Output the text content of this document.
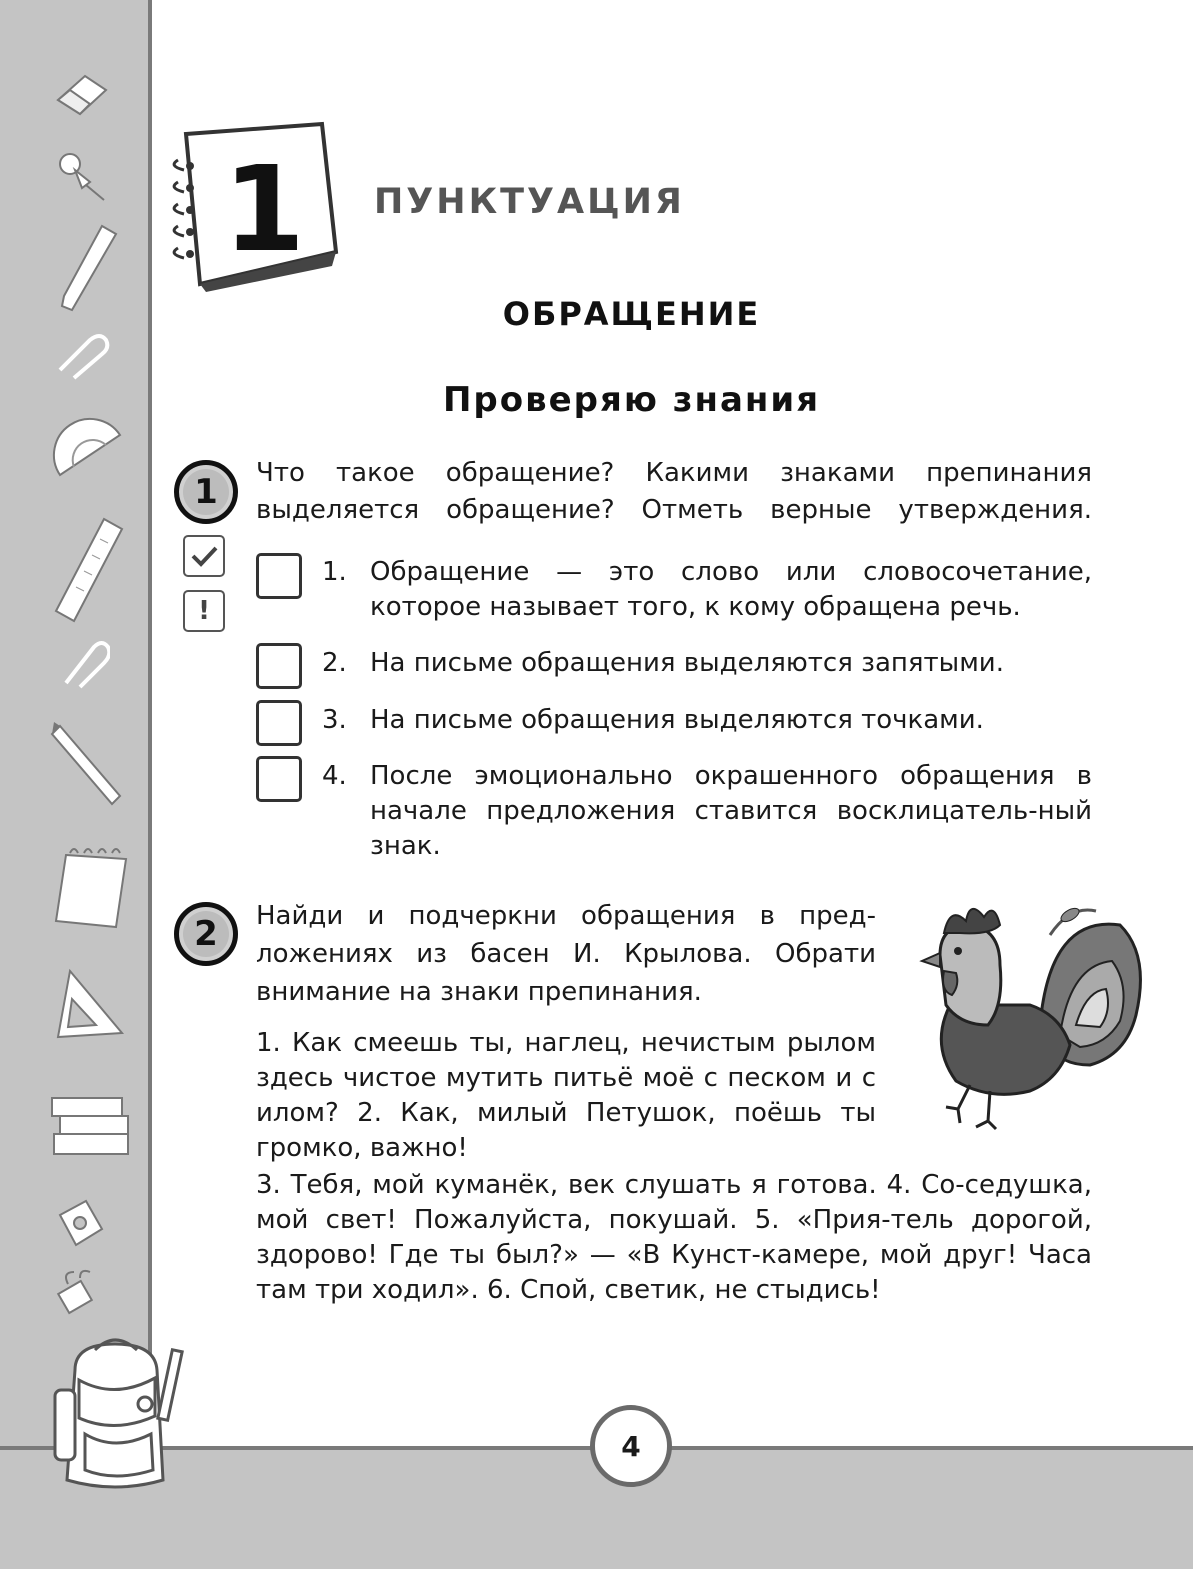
1 ПУНКТУАЦИЯ
ОБРАЩЕНИЕ
Проверяю знания
1	Что такое обращение? Какими знаками препинания
выделяется обращение? Отметь верные утверждения.
!
1. Обращение — это слово или словосочетание, которое называет того, к кому обращена речь.
2. На письме обращения выделяются запятыми.
3. На письме обращения выделяются точками.
4. После эмоционально окрашенного обращения в начале предложения ставится восклицатель-ный знак.
2	Найди и подчеркни обращения в пред-ложениях из басен И. Крылова. Обрати внимание на знаки препинания.
1. Как смеешь ты, наглец, нечистым рылом здесь чистое мутить питьё моё с песком и с илом? 2. Как, милый Петушок, поёшь ты громко, важно!
3. Тебя, мой куманёк, век слушать я готова. 4. Со-седушка, мой свет! Пожалуйста, покушай. 5. «Прия-тель дорогой, здорово! Где ты был?» — «В Кунст-камере, мой друг! Часа там три ходил». 6. Спой, светик, не стыдись!
4
